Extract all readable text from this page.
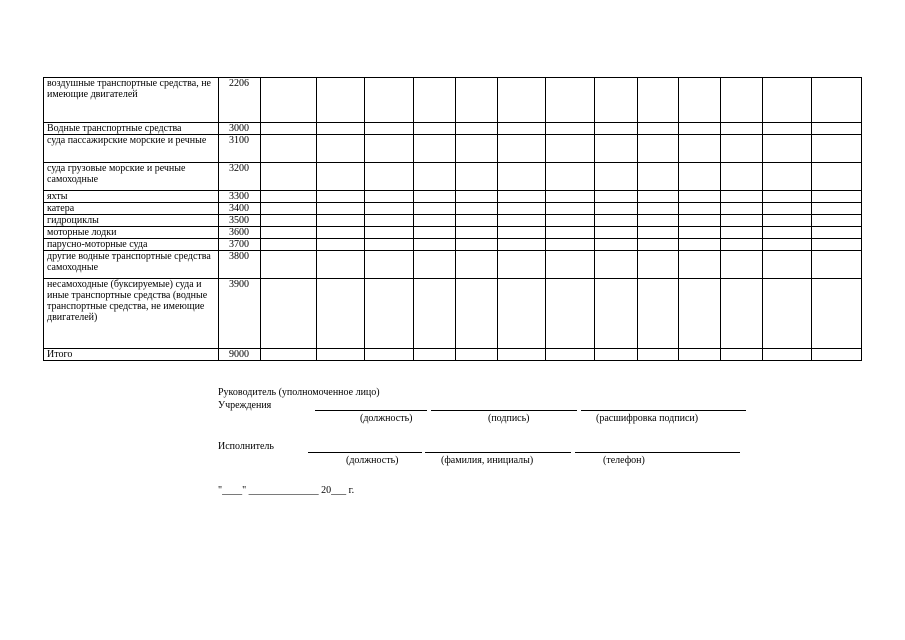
воздушные транспортные средства, не имеющие двигателей	2206													
Водные транспортные средства	3000													
суда пассажирские морские и речные	3100													
суда грузовые морские и речные самоходные	3200													
яхты	3300													
катера	3400													
гидроциклы	3500													
моторные лодки	3600													
парусно-моторные суда	3700													
другие водные транспортные средства самоходные	3800													
несамоходные (буксируемые) суда и иные транспортные средства (водные транспортные средства, не имеющие двигателей)	3900													
Итого	9000													
Руководитель (уполномоченное лицо)
Учреждения
(должность)	(подпись)	(расшифровка подписи)
Исполнитель
(должность)	(фамилия, инициалы)	(телефон)
"____" ______________ 20___ г.
